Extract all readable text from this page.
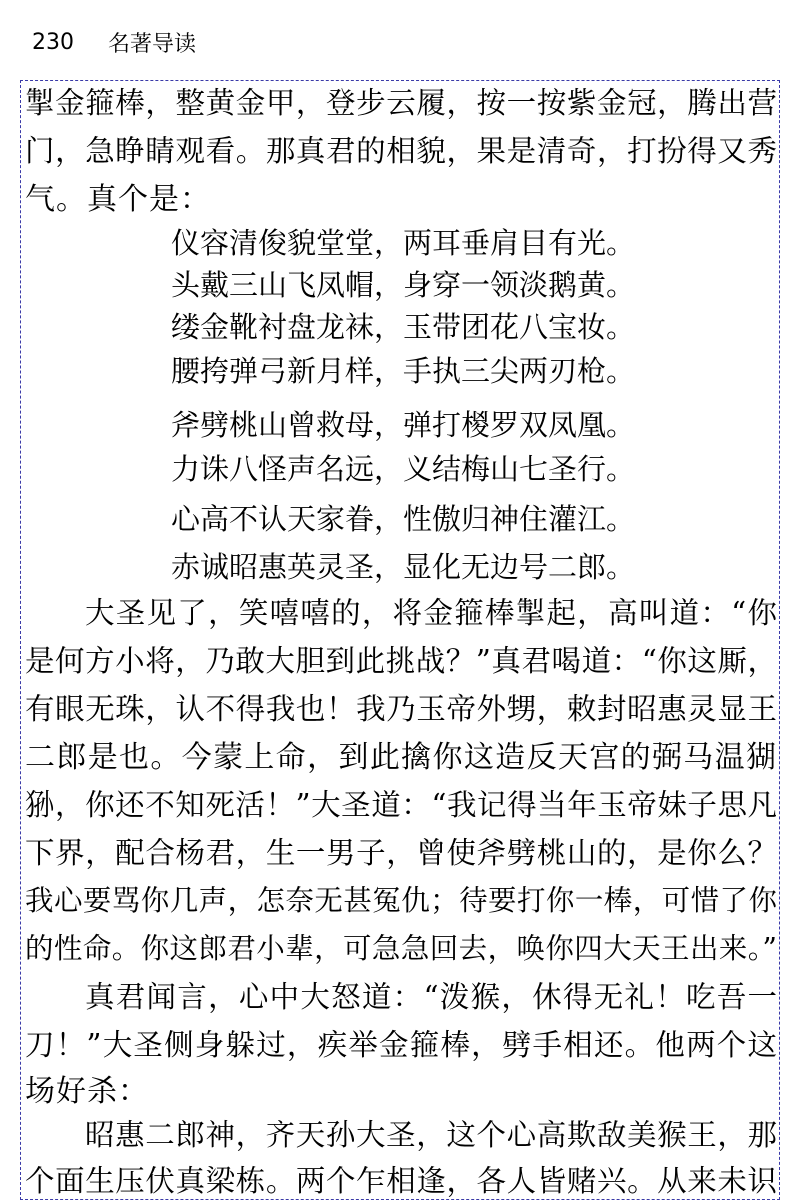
230 名著导读
掣金箍棒，整黄金甲，登步云履，按一按紫金冠，腾出营
门，急睁睛观看。那真君的相貌，果是清奇，打扮得又秀
气。真个是：
仪容清俊貌堂堂，两耳垂肩目有光。
头戴三山飞凤帽，身穿一领淡鹅黄。
缕金靴衬盘龙袜，玉带团花八宝妆。
腰挎弹弓新月样，手执三尖两刃枪。
斧劈桃山曾救母，弹打椶罗双凤凰。
力诛八怪声名远，义结梅山七圣行。
心高不认天家眷，性傲归神住灌江。
赤诚昭惠英灵圣，显化无边号二郎。
大圣见了，笑嘻嘻的，将金箍棒掣起，高叫道：“你
是何方小将，乃敢大胆到此挑战？”真君喝道：“你这厮，
有眼无珠，认不得我也！我乃玉帝外甥，敕封昭惠灵显王
二郎是也。今蒙上命，到此擒你这造反天宫的弼马温猢
狲，你还不知死活！”大圣道：“我记得当年玉帝妹子思凡
下界，配合杨君，生一男子，曾使斧劈桃山的，是你么？
我心要骂你几声，怎奈无甚冤仇；待要打你一棒，可惜了你
的性命。你这郎君小辈，可急急回去，唤你四大天王出来。”
真君闻言，心中大怒道：“泼猴，休得无礼！吃吾一
刀！”大圣侧身躲过，疾举金箍棒，劈手相还。他两个这
场好杀：
昭惠二郎神，齐天孙大圣，这个心高欺敌美猴王，那
个面生压伏真梁栋。两个乍相逢，各人皆赌兴。从来未识
